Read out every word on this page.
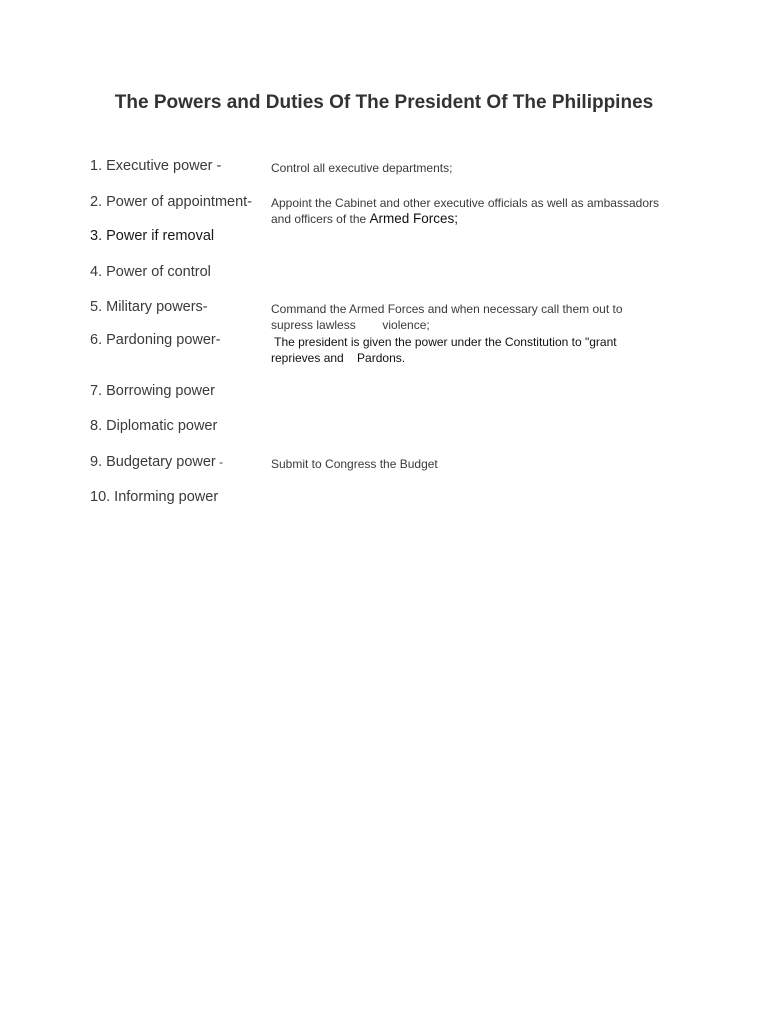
The Powers and Duties Of The President Of The Philippines

1. Executive power -	Control all executive departments;

2. Power of appointment- Appoint the Cabinet and other executive officials as well as ambassadors
and officers of the Armed Forces;

3. Power if removal

4. Power of control

5. Military powers-	Command the Armed Forces and when necessary call them out to
supress lawless        violence;

6. Pardoning power-	The president is given the power under the Constitution to "grant
reprieves and    Pardons.

7. Borrowing power

8. Diplomatic power

9. Budgetary power -	Submit to Congress the Budget

10. Informing power
